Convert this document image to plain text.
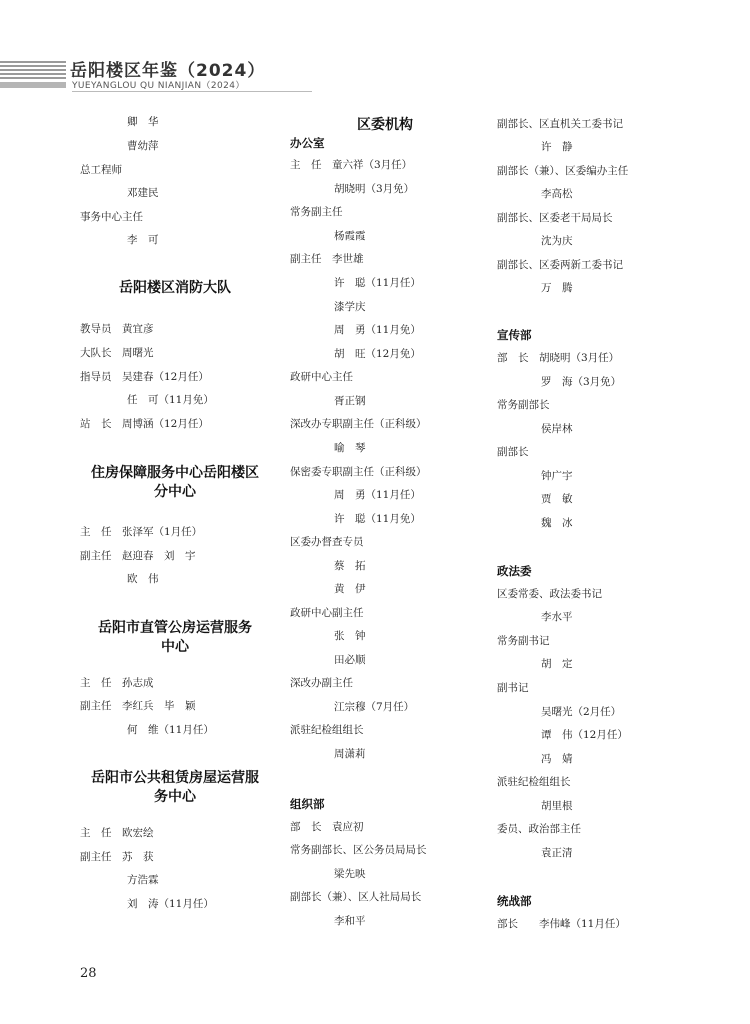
岳阳楼区年鉴（2024）
YUEYANGLOU QU NIANJIAN（2024）
卿　华
曹幼萍
总工程师
邓建民
事务中心主任
李　可
岳阳楼区消防大队
教导员　黄宜彦
大队长　周曙光
指导员　吴建春（12月任）
任　可（11月免）
站　长　周博涵（12月任）
住房保障服务中心岳阳楼区
分中心
主　任　张泽军（1月任）
副主任　赵迎春　刘　宇
欧　伟
岳阳市直管公房运营服务
中心
主　任　孙志成
副主任　李红兵　毕　颖
何　维（11月任）
岳阳市公共租赁房屋运营服
务中心
主　任　欧宏绘
副主任　苏　获
方浩霖
刘　涛（11月任）
区委机构
办公室
主　任　童六祥（3月任）
胡晓明（3月免）
常务副主任
杨霞霞
副主任　李世雄
许　聪（11月任）
漆学庆
周　勇（11月免）
胡　旺（12月免）
政研中心主任
胥正钢
深改办专职副主任（正科级）
喻　琴
保密委专职副主任（正科级）
周　勇（11月任）
许　聪（11月免）
区委办督查专员
蔡　拓
黄　伊
政研中心副主任
张　钟
田必顺
深改办副主任
江宗穆（7月任）
派驻纪检组组长
周潇莉
组织部
部　长　袁应初
常务副部长、区公务员局局长
梁先映
副部长（兼）、区人社局局长
李和平
副部长、区直机关工委书记
许　静
副部长（兼）、区委编办主任
李高松
副部长、区委老干局局长
沈为庆
副部长、区委两新工委书记
万　腾
宣传部
部　长　胡晓明（3月任）
罗　海（3月免）
常务副部长
侯岸林
副部长
钟广宇
贾　敏
魏　冰
政法委
区委常委、政法委书记
李水平
常务副书记
胡　定
副书记
吴曙光（2月任）
谭　伟（12月任）
冯　婧
派驻纪检组组长
胡里根
委员、政治部主任
袁正清
统战部
部长　　李伟峰（11月任）
28
